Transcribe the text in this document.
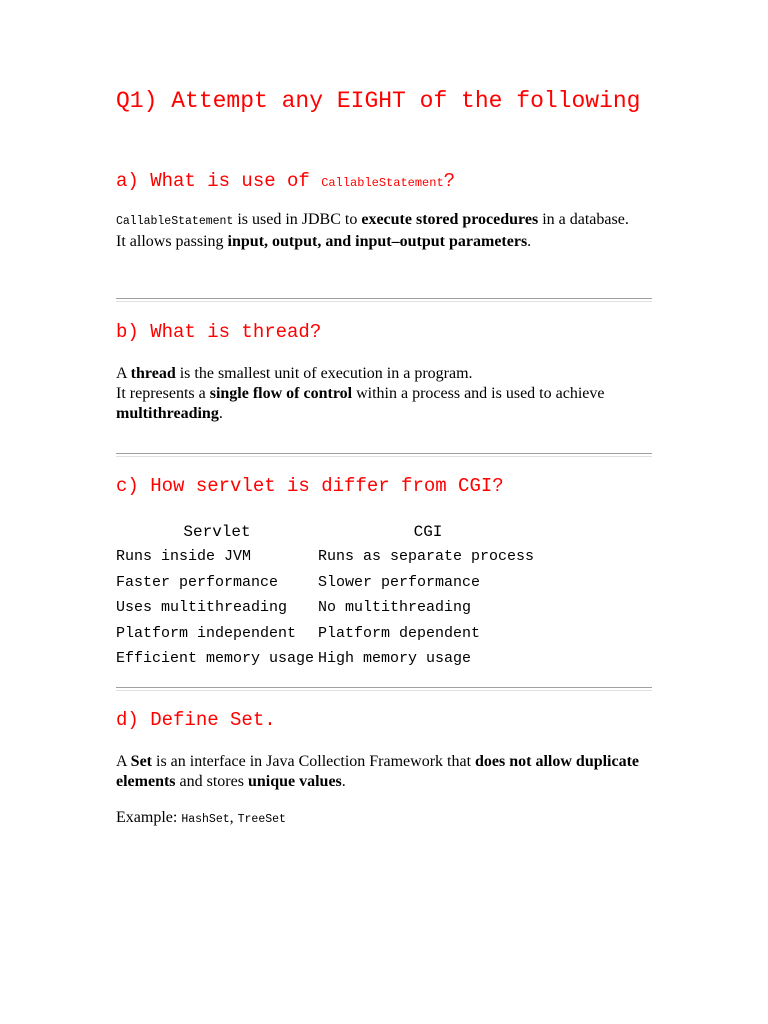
Q1) Attempt any EIGHT of the following
a) What is use of CallableStatement?

CallableStatement is used in JDBC to execute stored procedures in a database.
It allows passing input, output, and input–output parameters.

b) What is thread?

A thread is the smallest unit of execution in a program.
It represents a single flow of control within a process and is used to achieve multithreading.

c) How servlet is differ from CGI?
Servlet	CGI
Runs inside JVM	Runs as separate process
Faster performance	Slower performance
Uses multithreading	No multithreading
Platform independent	Platform dependent
Efficient memory usage	High memory usage
d) Define Set.

A Set is an interface in Java Collection Framework that does not allow duplicate elements and stores unique values.

Example: HashSet, TreeSet
